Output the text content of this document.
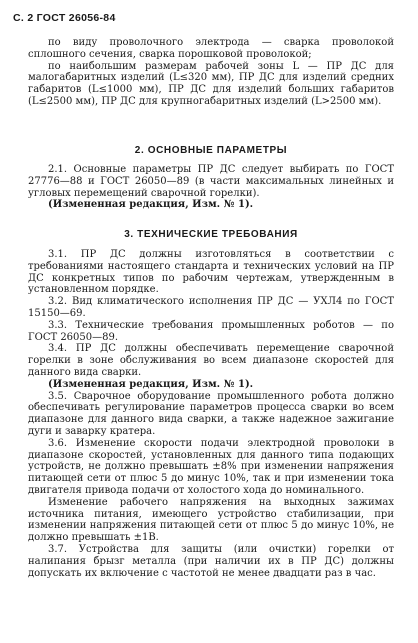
С. 2 ГОСТ 26056-84

по виду проволочного электрода — сварка проволокой сплошного сечения, сварка порошковой проволокой;

по наибольшим размерам рабочей зоны L — ПР ДС для малогабаритных изделий (L≤320 мм), ПР ДС для изделий средних габаритов (L≤1000 мм), ПР ДС для изделий больших габаритов (L≤2500 мм), ПР ДС для крупногабаритных изделий (L>2500 мм).

2. ОСНОВНЫЕ ПАРАМЕТРЫ

2.1. Основные параметры ПР ДС следует выбирать по ГОСТ 27776—88 и ГОСТ 26050—89 (в части максимальных линейных и угловых перемещений сварочной горелки).

(Измененная редакция, Изм. № 1).

3. ТЕХНИЧЕСКИЕ ТРЕБОВАНИЯ

3.1. ПР ДС должны изготовляться в соответствии с требованиями настоящего стандарта и технических условий на ПР ДС конкретных типов по рабочим чертежам, утвержденным в установленном порядке.

3.2. Вид климатического исполнения ПР ДС — УХЛ4 по ГОСТ 15150—69.

3.3. Технические требования промышленных роботов — по ГОСТ 26050—89.

3.4. ПР ДС должны обеспечивать перемещение сварочной горелки в зоне обслуживания во всем диапазоне скоростей для данного вида сварки.

(Измененная редакция, Изм. № 1).

3.5. Сварочное оборудование промышленного робота должно обеспечивать регулирование параметров процесса сварки во всем диапазоне для данного вида сварки, а также надежное зажигание дуги и заварку кратера.

3.6. Изменение скорости подачи электродной проволоки в диапазоне скоростей, установленных для данного типа подающих устройств, не должно превышать ±8% при изменении напряжения питающей сети от плюс 5 до минус 10%, так и при изменении тока двигателя привода подачи от холостого хода до номинального.

Изменение рабочего напряжения на выходных зажимах источника питания, имеющего устройство стабилизации, при изменении напряжения питающей сети от плюс 5 до минус 10%, не должно превышать ±1В.

3.7. Устройства для защиты (или очистки) горелки от налипания брызг металла (при наличии их в ПР ДС) должны допускать их включение с частотой не менее двадцати раз в час.
